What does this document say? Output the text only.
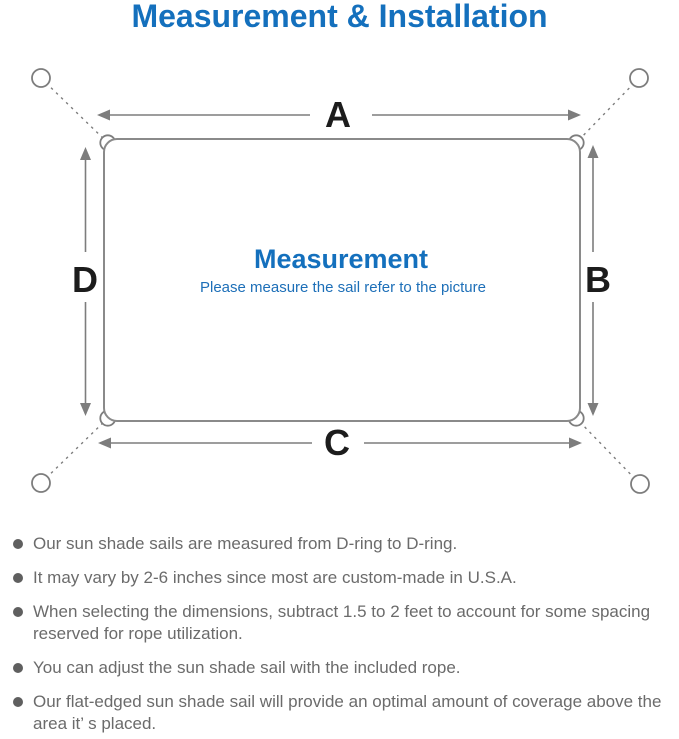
Measurement & Installation
A
C
D	B
Measurement
Please measure the sail refer to the picture
Our sun shade sails are measured from D-ring to D-ring.
It may vary by 2-6 inches since most are custom-made in U.S.A.
When selecting the dimensions, subtract 1.5 to 2 feet to account for some spacing reserved for rope utilization.
You can adjust the sun shade sail with the included rope.
Our flat-edged sun shade sail will provide an optimal amount of coverage above the area it’ s placed.
